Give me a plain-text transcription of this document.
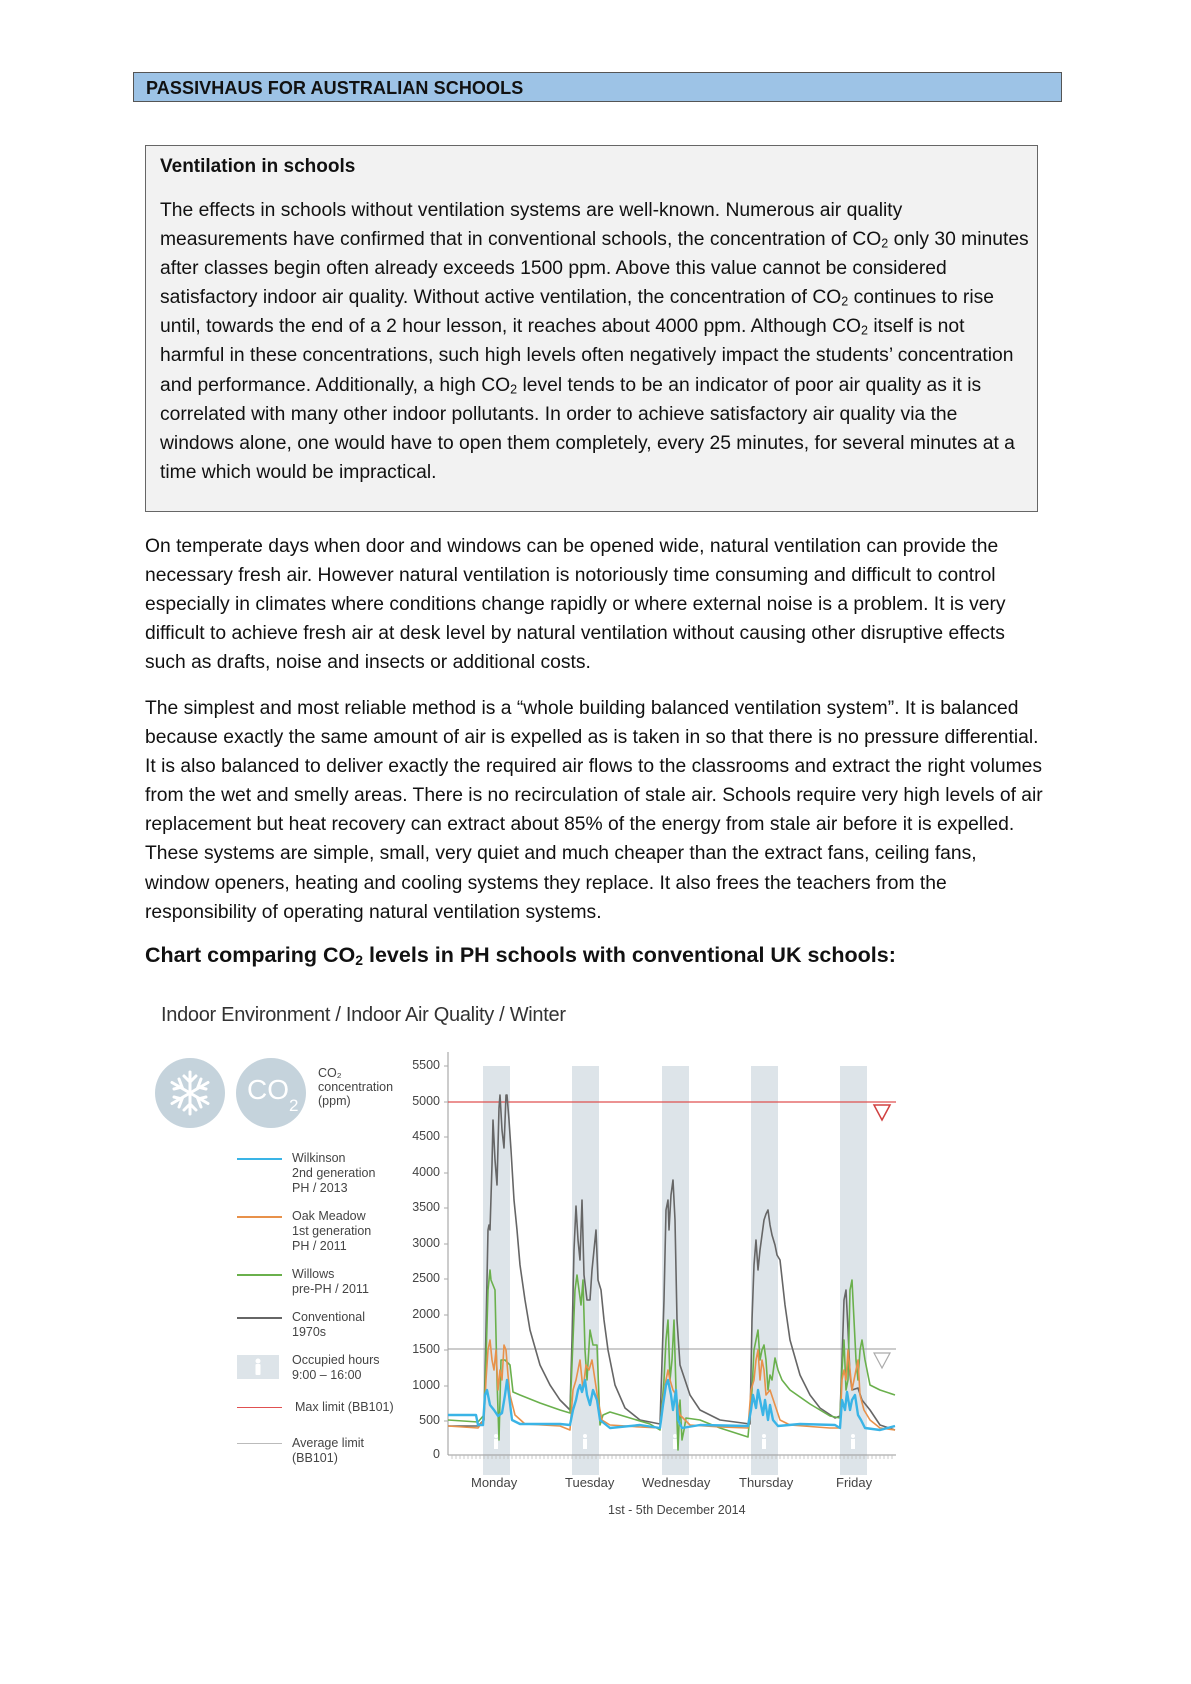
PASSIVHAUS FOR AUSTRALIAN SCHOOLS
Ventilation in schools

The effects in schools without ventilation systems are well-known. Numerous air quality measurements have confirmed that in conventional schools, the concentration of $CO_2$ only 30 minutes after classes begin often already exceeds 1500 ppm. Above this value cannot be considered satisfactory indoor air quality. Without active ventilation, the concentration of $CO_2$ continues to rise until, towards the end of a 2 hour lesson, it reaches about 4000 ppm. Although $CO_2$ itself is not harmful in these concentrations, such high levels often negatively impact the students’ concentration and performance. Additionally, a high $CO_2$ level tends to be an indicator of poor air quality as it is correlated with many other indoor pollutants. In order to achieve satisfactory air quality via the windows alone, one would have to open them completely, every 25 minutes, for several minutes at a time which would be impractical.

On temperate days when door and windows can be opened wide, natural ventilation can provide the necessary fresh air. However natural ventilation is notoriously time consuming and difficult to control especially in climates where conditions change rapidly or where external noise is a problem. It is very difficult to achieve fresh air at desk level by natural ventilation without causing other disruptive effects such as drafts, noise and insects or additional costs.

The simplest and most reliable method is a “whole building balanced ventilation system”. It is balanced because exactly the same amount of air is expelled as is taken in so that there is no pressure differential. It is also balanced to deliver exactly the required air flows to the classrooms and extract the right volumes from the wet and smelly areas. There is no recirculation of stale air. Schools require very high levels of air replacement but heat recovery can extract about 85% of the energy from stale air before it is expelled. These systems are simple, small, very quiet and much cheaper than the extract fans, ceiling fans, window openers, heating and cooling systems they replace. It also frees the teachers from the responsibility of operating natural ventilation systems.

Chart comparing $CO_2$ levels in PH schools with conventional UK schools:
Indoor Environment / Indoor Air Quality / Winter
$CO_2$
CO₂
concentration
(ppm)
Wilkinson
2nd generation
PH / 2013
Oak Meadow
1st generation
PH / 2011
Willows
pre-PH / 2011
Conventional
1970s
Occupied hours
9:00 – 16:00
Max limit (BB101)
Average limit
(BB101)
5500
5000
4500
4000
3500
3000
2500
2000
1500
1000
500
0
Monday	Tuesday Wednesday Thursday	Friday
1st - 5th December 2014
